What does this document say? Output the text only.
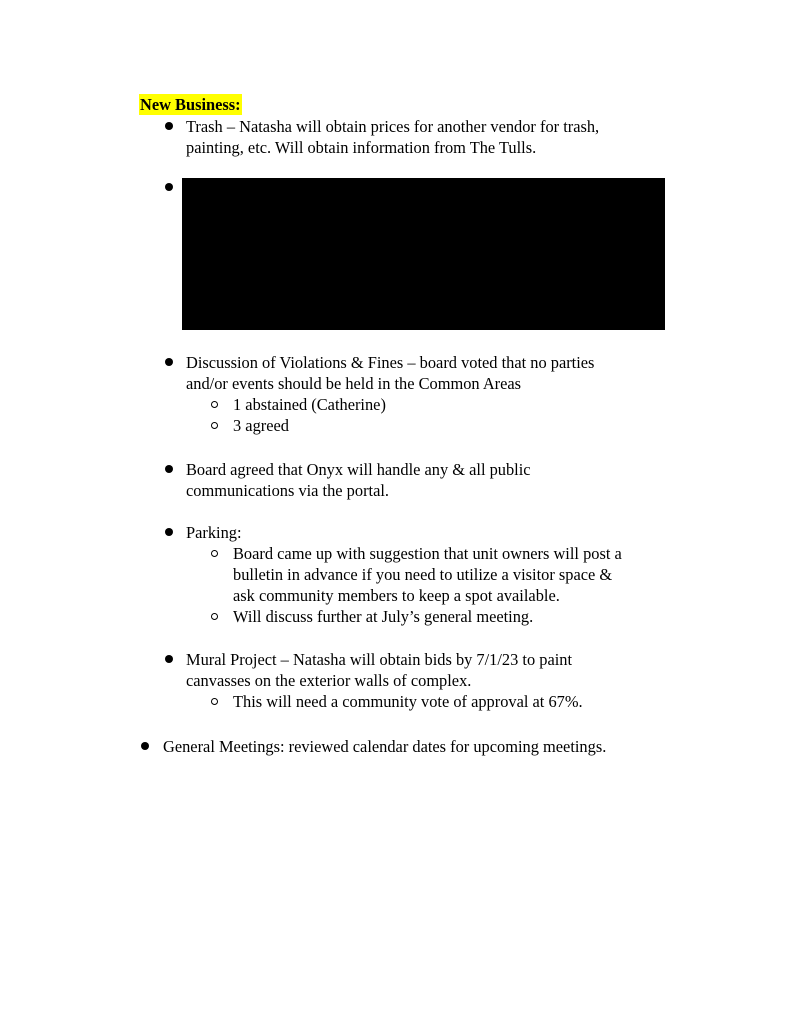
New Business:
Trash – Natasha will obtain prices for another vendor for trash,
painting, etc. Will obtain information from The Tulls.
Discussion of Violations & Fines – board voted that no parties
and/or events should be held in the Common Areas
1 abstained (Catherine)
3 agreed
Board agreed that Onyx will handle any & all public
communications via the portal.
Parking:
Board came up with suggestion that unit owners will post a
bulletin in advance if you need to utilize a visitor space &
ask community members to keep a spot available.
Will discuss further at July’s general meeting.
Mural Project – Natasha will obtain bids by 7/1/23 to paint
canvasses on the exterior walls of complex.
This will need a community vote of approval at 67%.
General Meetings: reviewed calendar dates for upcoming meetings.
